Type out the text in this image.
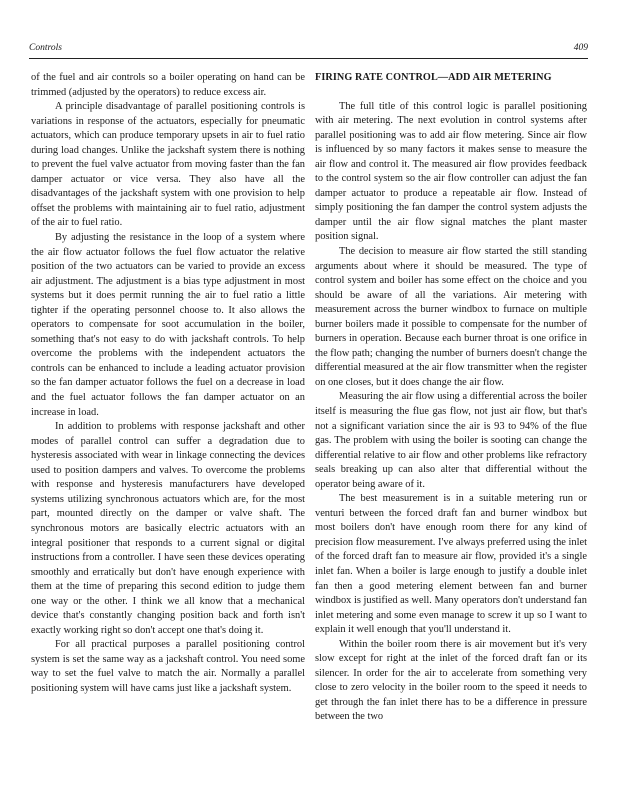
Controls	409

of the fuel and air controls so a boiler operating on hand can be trimmed (adjusted by the operators) to reduce excess air.

A principle disadvantage of parallel positioning controls is variations in response of the actuators, especially for pneumatic actuators, which can produce temporary upsets in air to fuel ratio during load changes. Unlike the jackshaft system there is nothing to prevent the fuel valve actuator from moving faster than the fan damper actuator or vice versa. They also have all the disadvantages of the jackshaft system with one provision to help offset the problems with maintaining air to fuel ratio, adjustment of the air to fuel ratio.

By adjusting the resistance in the loop of a system where the air flow actuator follows the fuel flow actuator the relative position of the two actuators can be varied to provide an excess air adjustment. The adjustment is a bias type adjustment in most systems but it does permit running the air to fuel ratio a little tighter if the operating personnel choose to. It also allows the operators to compensate for soot accumulation in the boiler, something that's not easy to do with jackshaft controls. To help overcome the problems with the independent actuators the controls can be enhanced to include a leading actuator provision so the fan damper actuator follows the fuel on a decrease in load and the fuel actuator follows the fan damper actuator on an increase in load.

In addition to problems with response jackshaft and other modes of parallel control can suffer a degradation due to hysteresis associated with wear in linkage connecting the devices used to position dampers and valves. To overcome the problems with response and hysteresis manufacturers have developed systems utilizing synchronous actuators which are, for the most part, mounted directly on the damper or valve shaft. The synchronous motors are basically electric actuators with an integral positioner that responds to a current signal or digital instructions from a controller. I have seen these devices operating smoothly and erratically but don't have enough experience with them at the time of preparing this second edition to judge them one way or the other. I think we all know that a mechanical device that's constantly changing position back and forth isn't exactly working right so don't accept one that's doing it.

For all practical purposes a parallel positioning control system is set the same way as a jackshaft control. You need some way to set the fuel valve to match the air. Normally a parallel positioning system will have cams just like a jackshaft system.

FIRING RATE CONTROL—ADD AIR METERING

The full title of this control logic is parallel positioning with air metering. The next evolution in control systems after parallel positioning was to add air flow metering. Since air flow is influenced by so many factors it makes sense to measure the air flow and control it. The measured air flow provides feedback to the control system so the air flow controller can adjust the fan damper actuator to produce a repeatable air flow. Instead of simply positioning the fan damper the control system adjusts the damper until the air flow signal matches the plant master position signal.

The decision to measure air flow started the still standing arguments about where it should be measured. The type of control system and boiler has some effect on the choice and you should be aware of all the variations. Air metering with measurement across the burner windbox to furnace on multiple burner boilers made it possible to compensate for the number of burners in operation. Because each burner throat is one orifice in the flow path; changing the number of burners doesn't change the differential measured at the air flow transmitter when the register on one closes, but it does change the air flow.

Measuring the air flow using a differential across the boiler itself is measuring the flue gas flow, not just air flow, but that's not a significant variation since the air is 93 to 94% of the flue gas. The problem with using the boiler is sooting can change the differential relative to air flow and other problems like refractory seals breaking up can also alter that differential without the operator being aware of it.

The best measurement is in a suitable metering run or venturi between the forced draft fan and burner windbox but most boilers don't have enough room there for any kind of precision flow measurement. I've always preferred using the inlet of the forced draft fan to measure air flow, provided it's a single inlet fan. When a boiler is large enough to justify a double inlet fan then a good metering element between fan and burner windbox is justified as well. Many operators don't understand fan inlet metering and some even manage to screw it up so I want to explain it well enough that you'll understand it.

Within the boiler room there is air movement but it's very slow except for right at the inlet of the forced draft fan or its silencer. In order for the air to accelerate from something very close to zero velocity in the boiler room to the speed it needs to get through the fan inlet there has to be a difference in pressure between the two
